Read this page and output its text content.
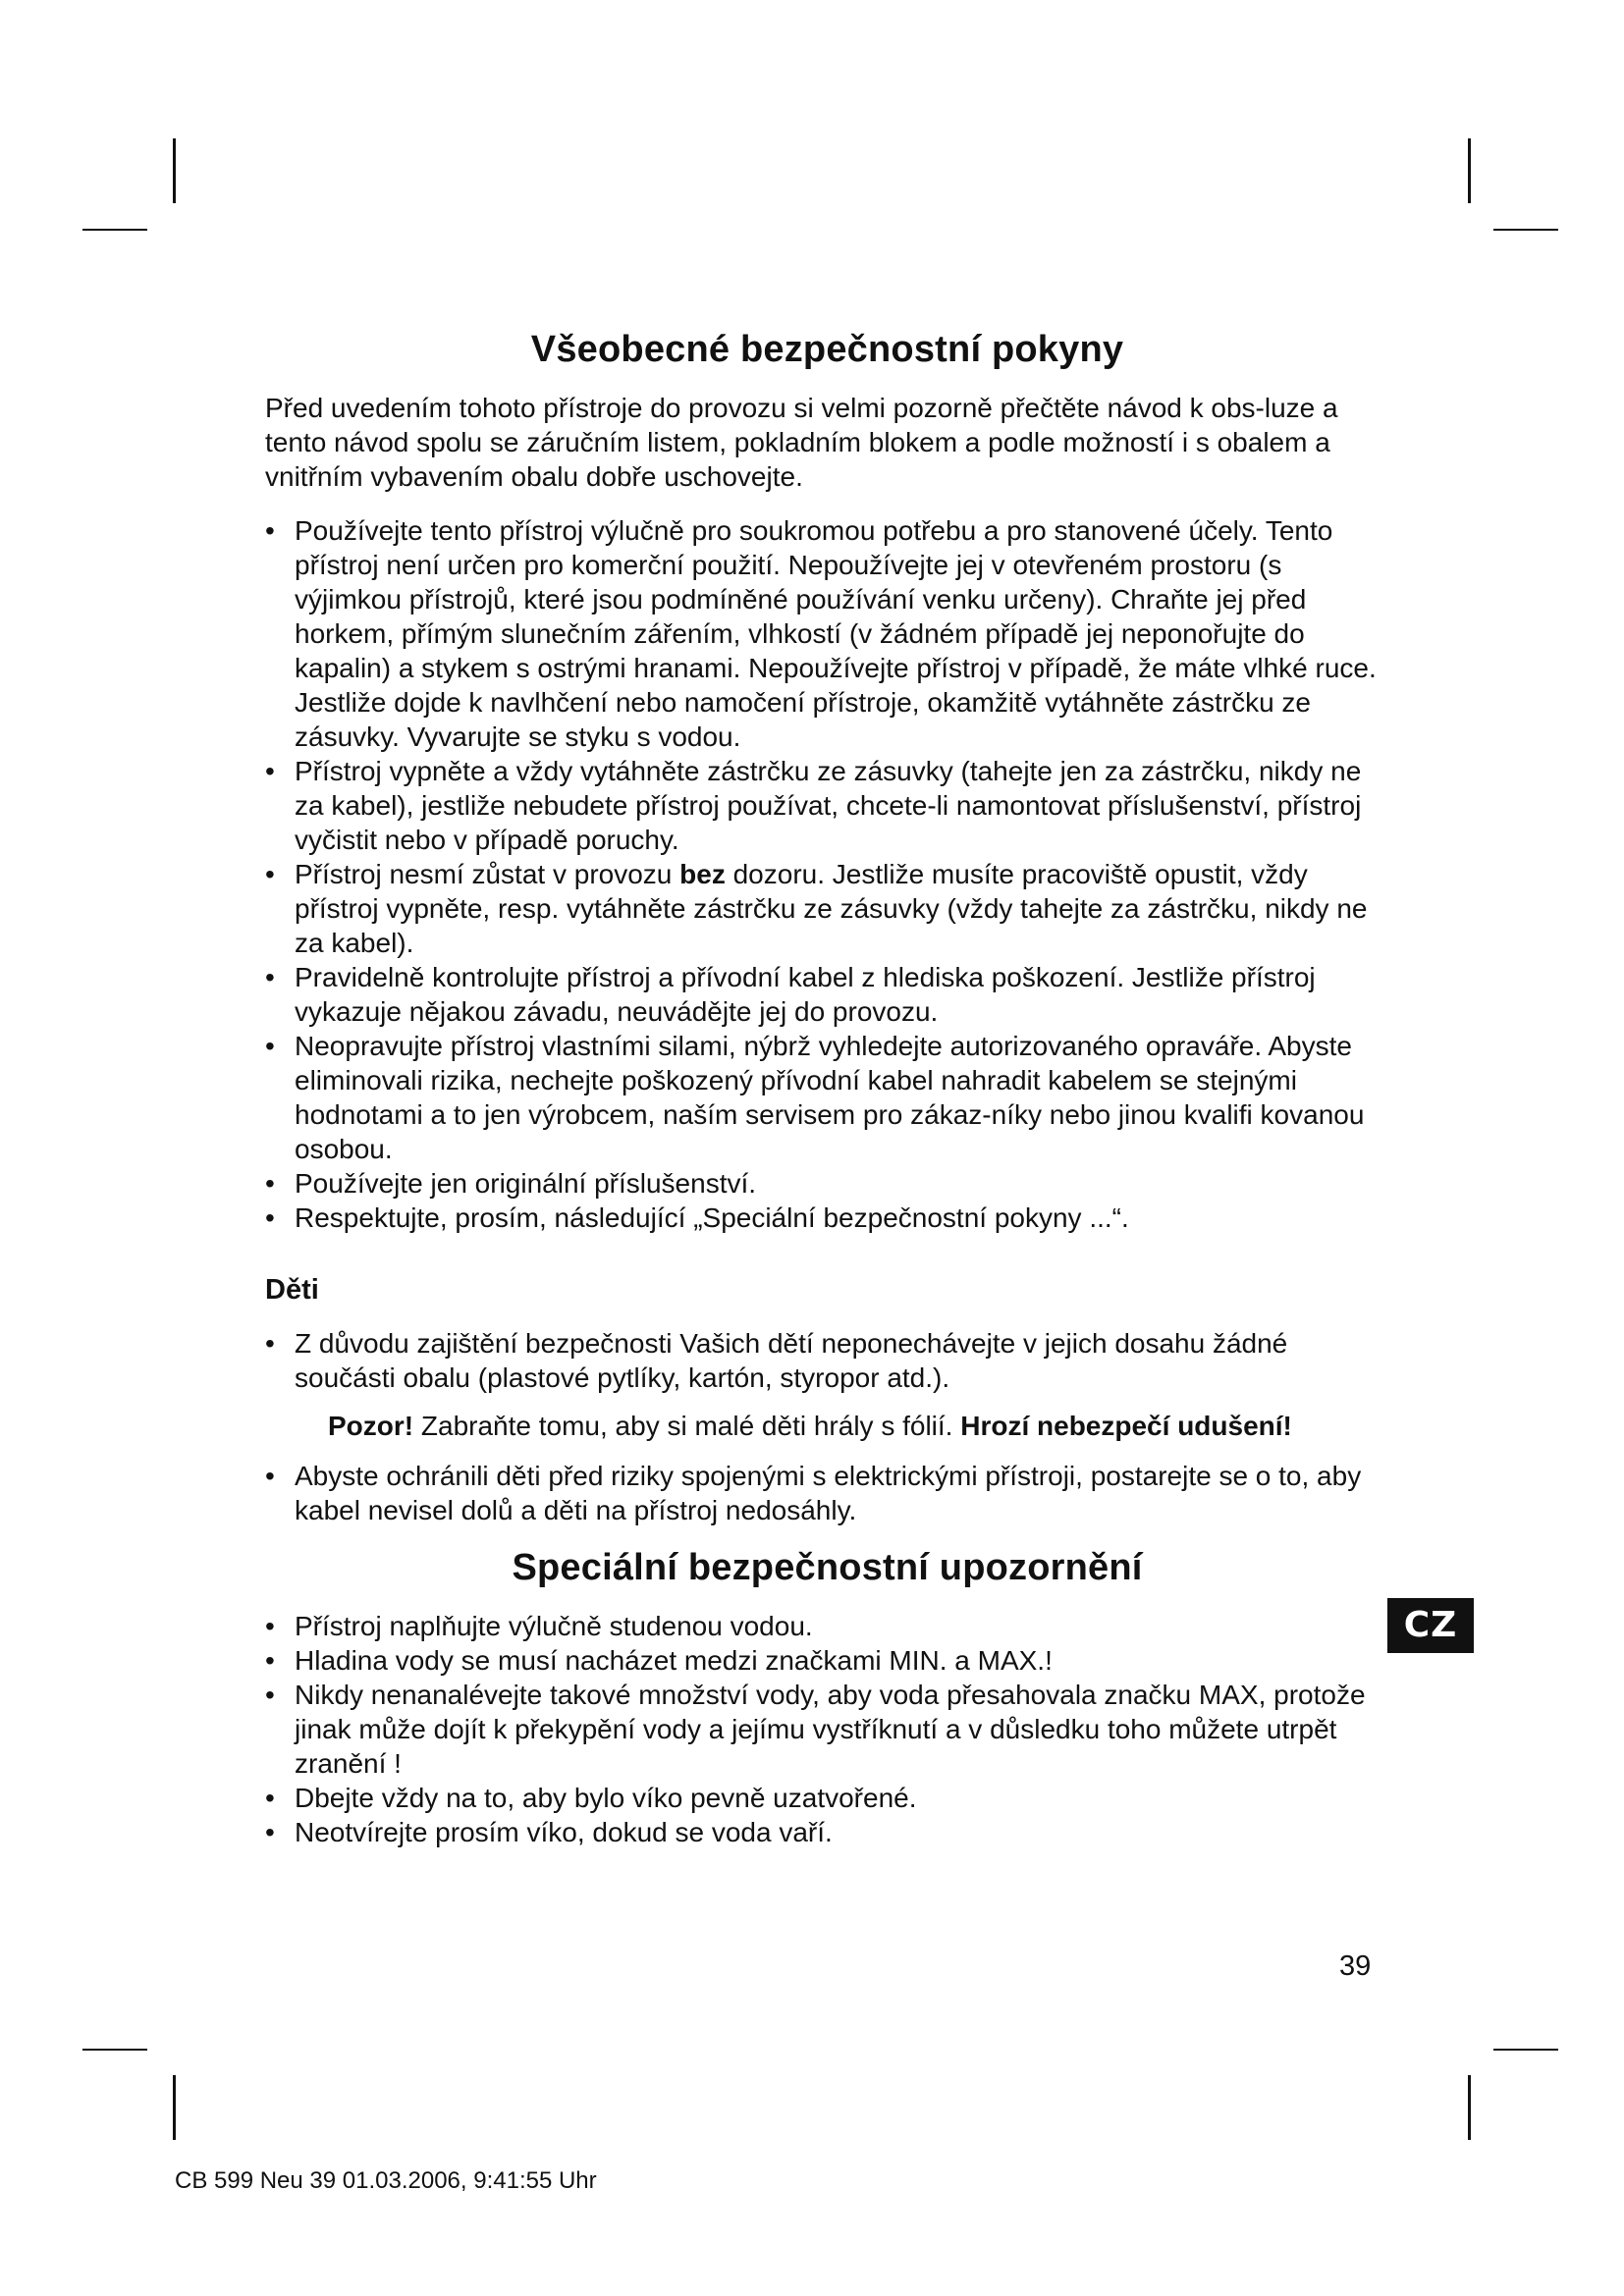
Všeobecné bezpečnostní pokyny

Před uvedením tohoto přístroje do provozu si velmi pozorně přečtěte návod k obs-luze a tento návod spolu se záručním listem, pokladním blokem a podle možností i s obalem a vnitřním vybavením obalu dobře uschovejte.

• Používejte tento přístroj výlučně pro soukromou potřebu a pro stanovené účely. Tento přístroj není určen pro komerční použití. Nepoužívejte jej v otevřeném prostoru (s výjimkou přístrojů, které jsou podmíněné používání venku určeny). Chraňte jej před horkem, přímým slunečním zářením, vlhkostí (v žádném případě jej neponořujte do kapalin) a stykem s ostrými hranami. Nepoužívejte přístroj v případě, že máte vlhké ruce. Jestliže dojde k navlhčení nebo namočení přístroje, okamžitě vytáhněte zástrčku ze zásuvky. Vyvarujte se styku s vodou.
• Přístroj vypněte a vždy vytáhněte zástrčku ze zásuvky (tahejte jen za zástrčku, nikdy ne za kabel), jestliže nebudete přístroj používat, chcete-li namontovat příslušenství, přístroj vyčistit nebo v případě poruchy.
• Přístroj nesmí zůstat v provozu bez dozoru. Jestliže musíte pracoviště opustit, vždy přístroj vypněte, resp. vytáhněte zástrčku ze zásuvky (vždy tahejte za zástrčku, nikdy ne za kabel).
• Pravidelně kontrolujte přístroj a přívodní kabel z hlediska poškození. Jestliže přístroj vykazuje nějakou závadu, neuvádějte jej do provozu.
• Neopravujte přístroj vlastními silami, nýbrž vyhledejte autorizovaného opraváře. Abyste eliminovali rizika, nechejte poškozený přívodní kabel nahradit kabelem se stejnými hodnotami a to jen výrobcem, naším servisem pro zákaz-níky nebo jinou kvalifi kovanou osobou.
• Používejte jen originální příslušenství.
• Respektujte, prosím, následující „Speciální bezpečnostní pokyny ...“.
Děti
• Z důvodu zajištění bezpečnosti Vašich dětí neponechávejte v jejich dosahu žádné součásti obalu (plastové pytlíky, kartón, styropor atd.).

Pozor! Zabraňte tomu, aby si malé děti hrály s fólií. Hrozí nebezpečí udušení!

• Abyste ochránili děti před riziky spojenými s elektrickými přístroji, postarejte se o to, aby kabel nevisel dolů a děti na přístroj nedosáhly.
Speciální bezpečnostní upozornění
• Přístroj naplňujte výlučně studenou vodou.
• Hladina vody se musí nacházet medzi značkami MIN. a MAX.!
• Nikdy nenanalévejte takové množství vody, aby voda přesahovala značku MAX, protože jinak může dojít k překypění vody a jejímu vystříknutí a v důsledku toho můžete utrpět zranění !
• Dbejte vždy na to, aby bylo víko pevně uzatvořené.
• Neotvírejte prosím víko, dokud se voda vaří.
CZ
39
CB 599 Neu 39 01.03.2006, 9:41:55 Uhr
